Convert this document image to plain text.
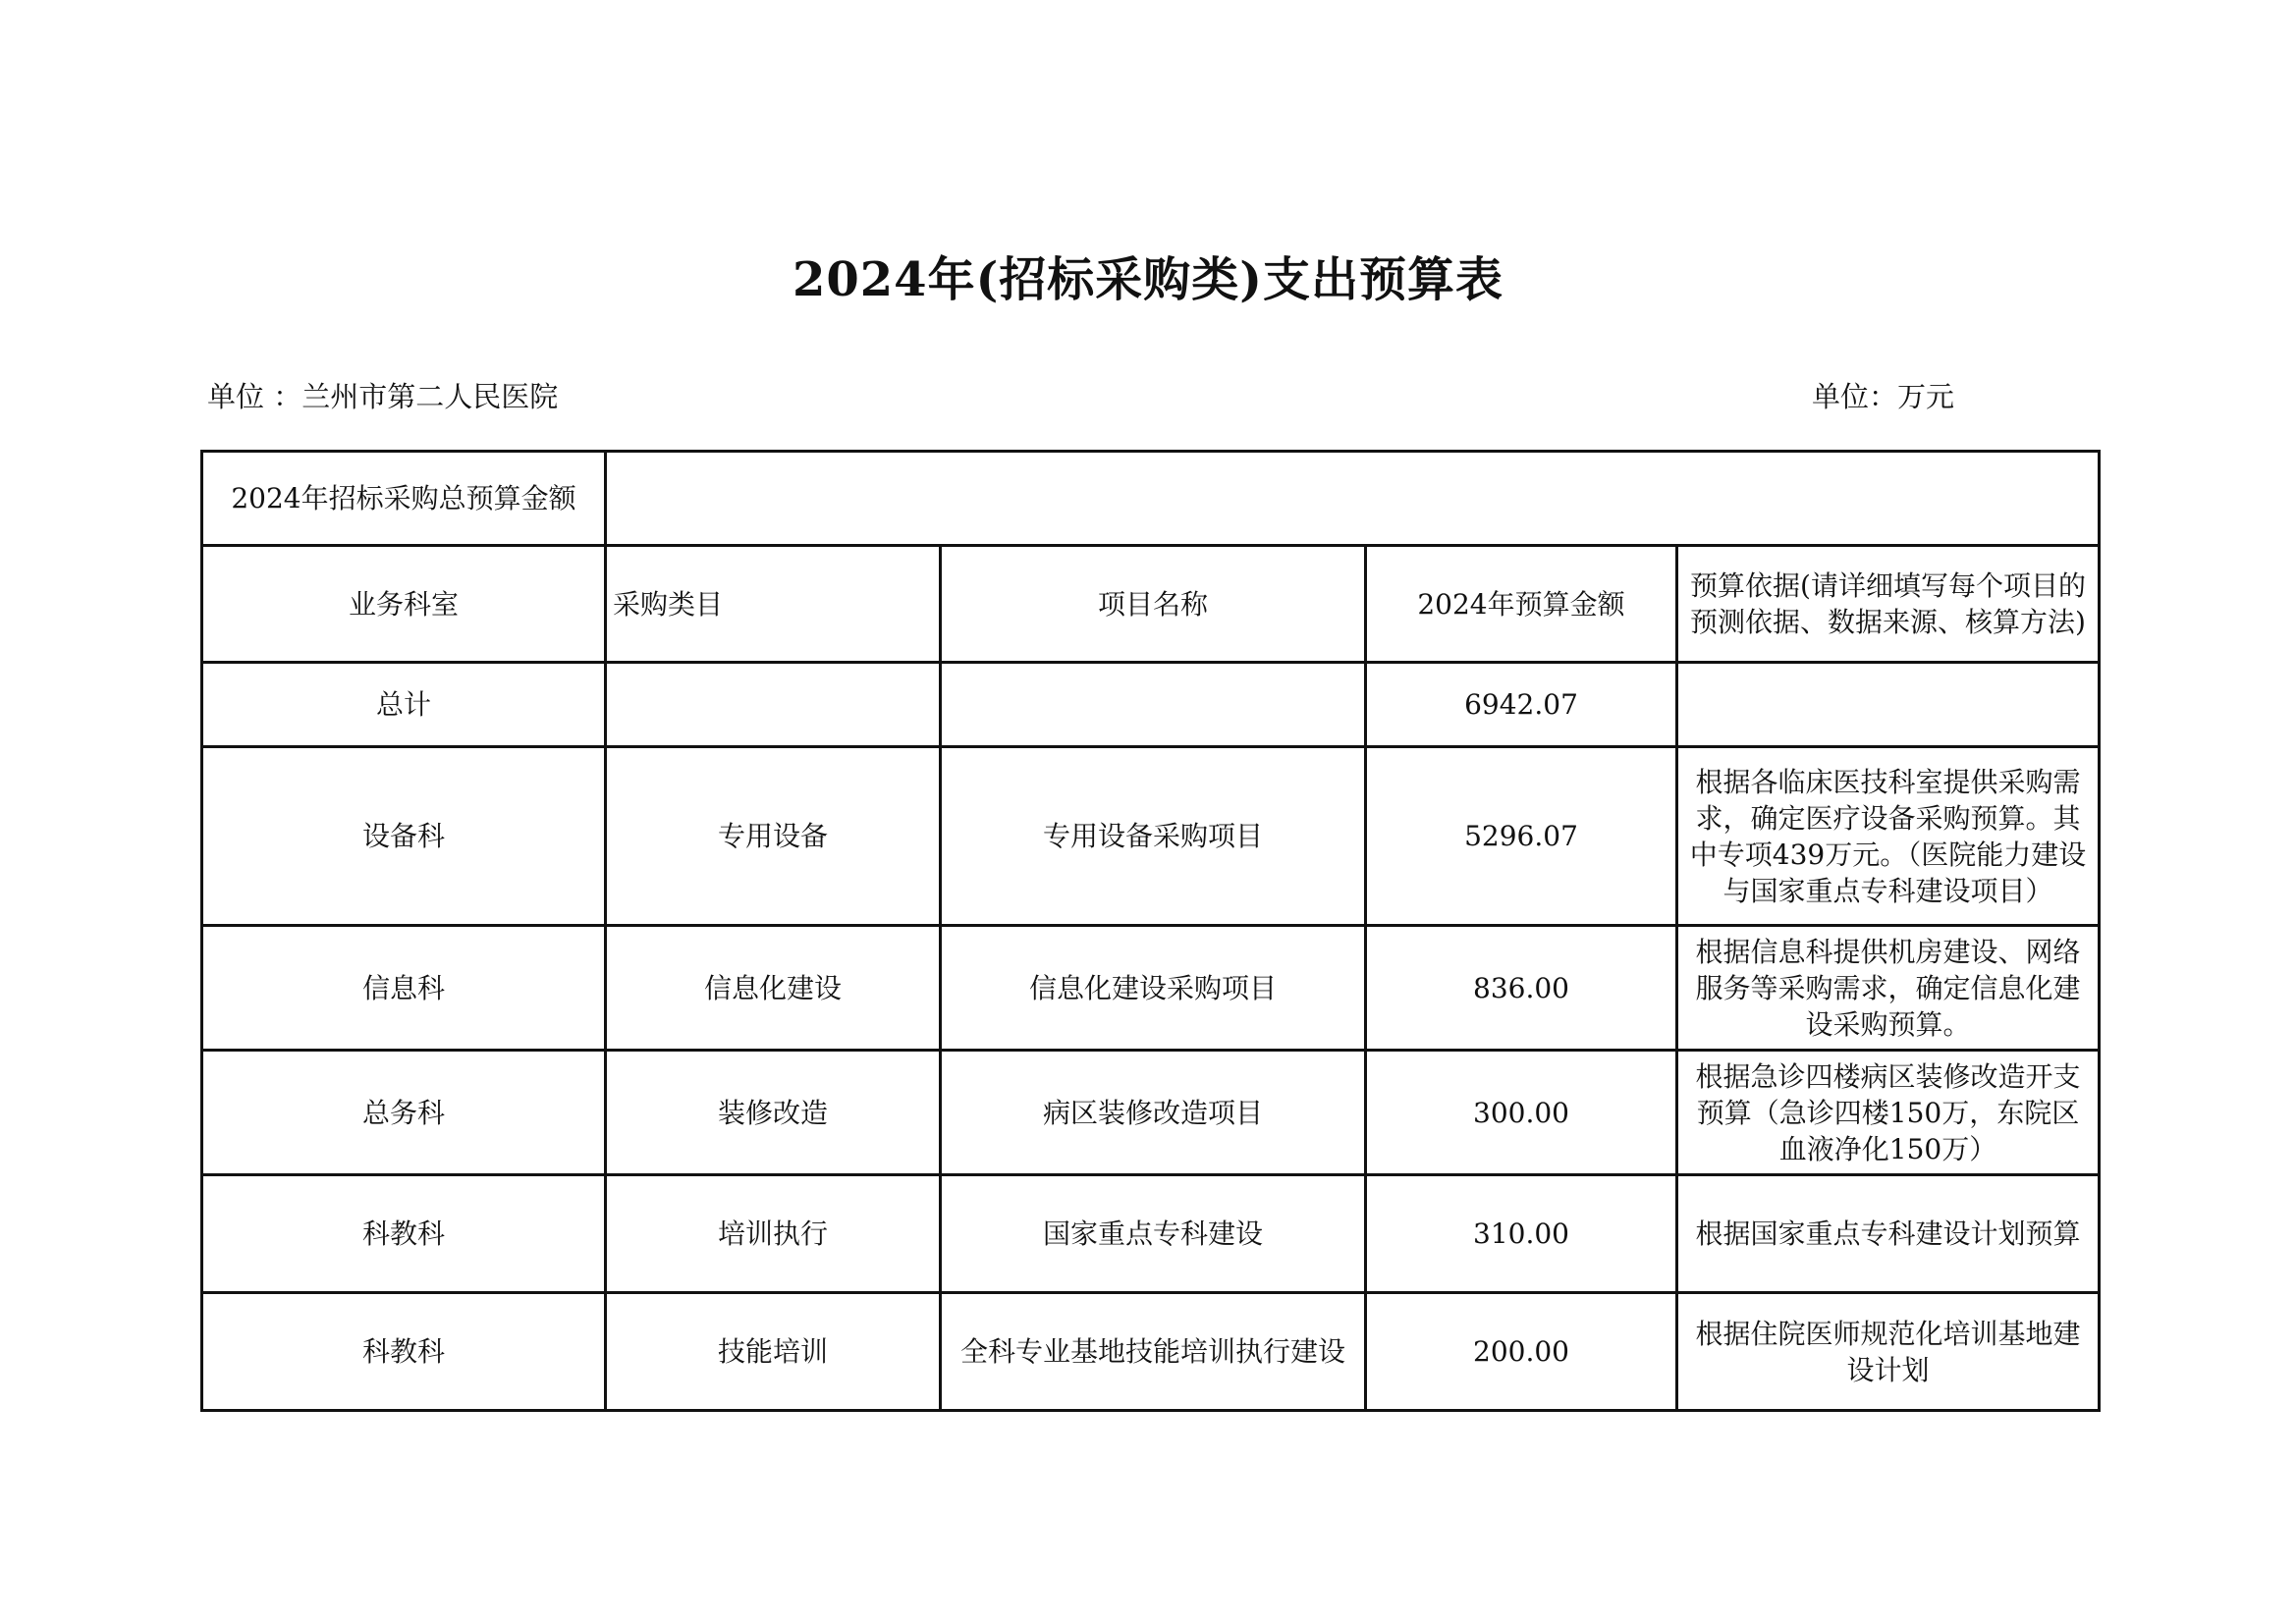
2024年(招标采购类)支出预算表
单位 ：兰州市第二人民医院	单位：万元
2024年招标采购总预算金额				
业务科室	采购类目	项目名称	2024年预算金额	预算依据(请详细填写每个项目的预测依据、数据来源、核算方法)
总计			6942.07	
设备科	专用设备	专用设备采购项目	5296.07	根据各临床医技科室提供采购需求，确定医疗设备采购预算。其中专项439万元。（医院能力建设与国家重点专科建设项目）
信息科	信息化建设	信息化建设采购项目	836.00	根据信息科提供机房建设、网络服务等采购需求，确定信息化建设采购预算。
总务科	装修改造	病区装修改造项目	300.00	根据急诊四楼病区装修改造开支预算（急诊四楼150万，东院区血液净化150万）
科教科	培训执行	国家重点专科建设	310.00	根据国家重点专科建设计划预算
科教科	技能培训	全科专业基地技能培训执行建设	200.00	根据住院医师规范化培训基地建设计划
